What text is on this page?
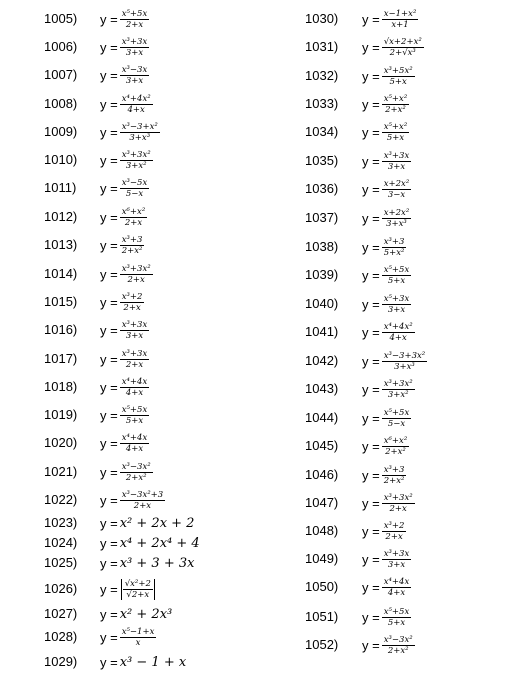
1005) $y = \frac{\text{x⁵+5x}}{2+x}$
1006) $y = \frac{\text{x³+3x}}{3+x}$
1007) $y = \frac{\text{x³−3x}}{3+x}$
1008) $y = \frac{\text{x⁴+4x²}}{4+x}$
1009) $y = \frac{\text{x³−3+x²}}{\text{3+x³}}$
1010) $y = \frac{\text{x³+3x²}}{\text{3+x²}}$
1011) $y = \frac{\text{x³−5x}}{5-x}$
1012) $y = \frac{\text{x⁶+x²}}{2+x}$
1013) $y = \frac{\text{x³+3}}{\text{2+x²}}$
1014) $y = \frac{\text{x³+3x²}}{2+x}$
1015) $y = \frac{\text{x³+2}}{2+x}$
1016) $y = \frac{\text{x³+3x}}{3+x}$
1017) $y = \frac{\text{x³+3x}}{2+x}$
1018) $y = \frac{\text{x⁴+4x}}{4+x}$
1019) $y = \frac{\text{x⁵+5x}}{5+x}$
1020) $y = \frac{\text{x⁴+4x}}{4+x}$
1021) $y = \frac{\text{x³−3x²}}{\text{2+x²}}$
1022) $y = \frac{\text{x³−3x²+3}}{2+x}$
1023) y = x² + 2x + 2
1024) y = x⁴ + 2x⁴ + 4
1025) y = x³ + 3 + 3x
1026) $y = \frac{\text{√x²+2}}{√2+x}$
1027) y = x² + 2x³
1028) $y = \frac{\text{x⁵−1+x}}{x}$
1029) y = x³ − 1 + x
1030) $y = \frac{\text{x−1+x²}}{x+1}$
1031) $y = \frac{\text{√x+2+x²}}{\text{2+√x³}}$
1032) $y = \frac{\text{x³+5x²}}{5+x}$
1033) $y = \frac{\text{x⁵+x²}}{\text{2+x²}}$
1034) $y = \frac{\text{x⁵+x²}}{5+x}$
1035) $y = \frac{\text{x³+3x}}{3+x}$
1036) $y = \frac{\text{x+2x²}}{3-x}$
1037) $y = \frac{\text{x+2x²}}{\text{3+x³}}$
1038) $y = \frac{\text{x³+3}}{\text{5+x²}}$
1039) $y = \frac{\text{x⁵+5x}}{5+x}$
1040) $y = \frac{\text{x⁵+3x}}{3+x}$
1041) $y = \frac{\text{x⁴+4x²}}{4+x}$
1042) $y = \frac{\text{x³−3+3x²}}{\text{3+x³}}$
1043) $y = \frac{\text{x³+3x²}}{\text{3+x²}}$
1044) $y = \frac{\text{x⁵+5x}}{5-x}$
1045) $y = \frac{\text{x⁶+x²}}{\text{2+x²}}$
1046) $y = \frac{\text{x³+3}}{\text{2+x²}}$
1047) $y = \frac{\text{x³+3x²}}{2+x}$
1048) $y = \frac{\text{x³+2}}{2+x}$
1049) $y = \frac{\text{x³+3x}}{3+x}$
1050) $y = \frac{\text{x⁴+4x}}{4+x}$
1051) $y = \frac{\text{x⁵+5x}}{5+x}$
1052) $y = \frac{\text{x³−3x²}}{\text{2+x²}}$
